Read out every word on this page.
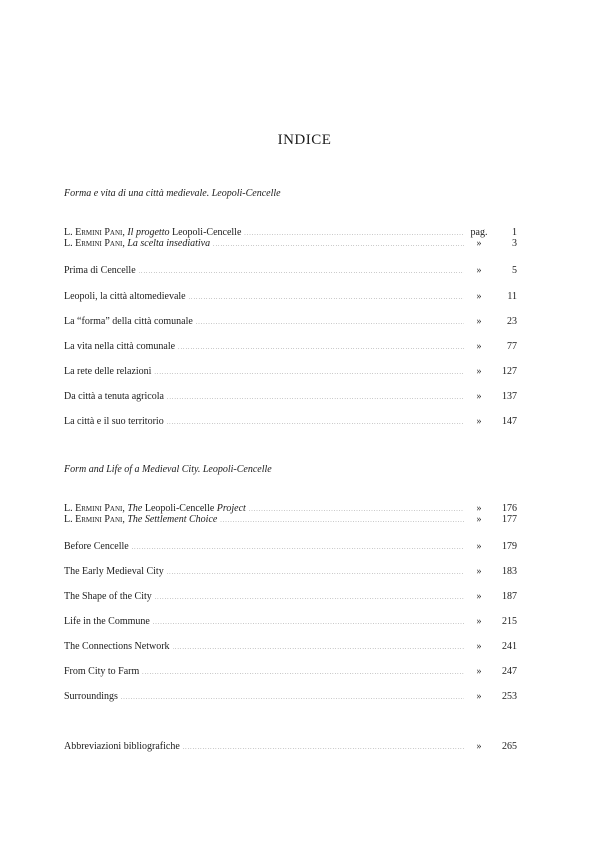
INDICE
Forma e vita di una città medievale. Leopoli-Cencelle
L. Ermini Pani, Il progetto Leopoli-Cencelle . . .	pag.	1
L. Ermini Pani, La scelta insediativa . . .	»	3
Prima di Cencelle . . .	»	5
Leopoli, la città altomedievale . . .	»	11
La “forma” della città comunale . . .	»	23
La vita nella città comunale . . .	»	77
La rete delle relazioni . . .	»	127
Da città a tenuta agricola . . .	»	137
La città e il suo territorio . . .	»	147
Form and Life of a Medieval City. Leopoli-Cencelle
L. Ermini Pani, The Leopoli-Cencelle Project . . .	»	176
L. Ermini Pani, The Settlement Choice . . .	»	177
Before Cencelle . . .	»	179
The Early Medieval City . . .	»	183
The Shape of the City . . .	»	187
Life in the Commune . . .	»	215
The Connections Network . . .	»	241
From City to Farm . . .	»	247
Surroundings . . .	»	253
Abbreviazioni bibliografiche . . .	»	265
